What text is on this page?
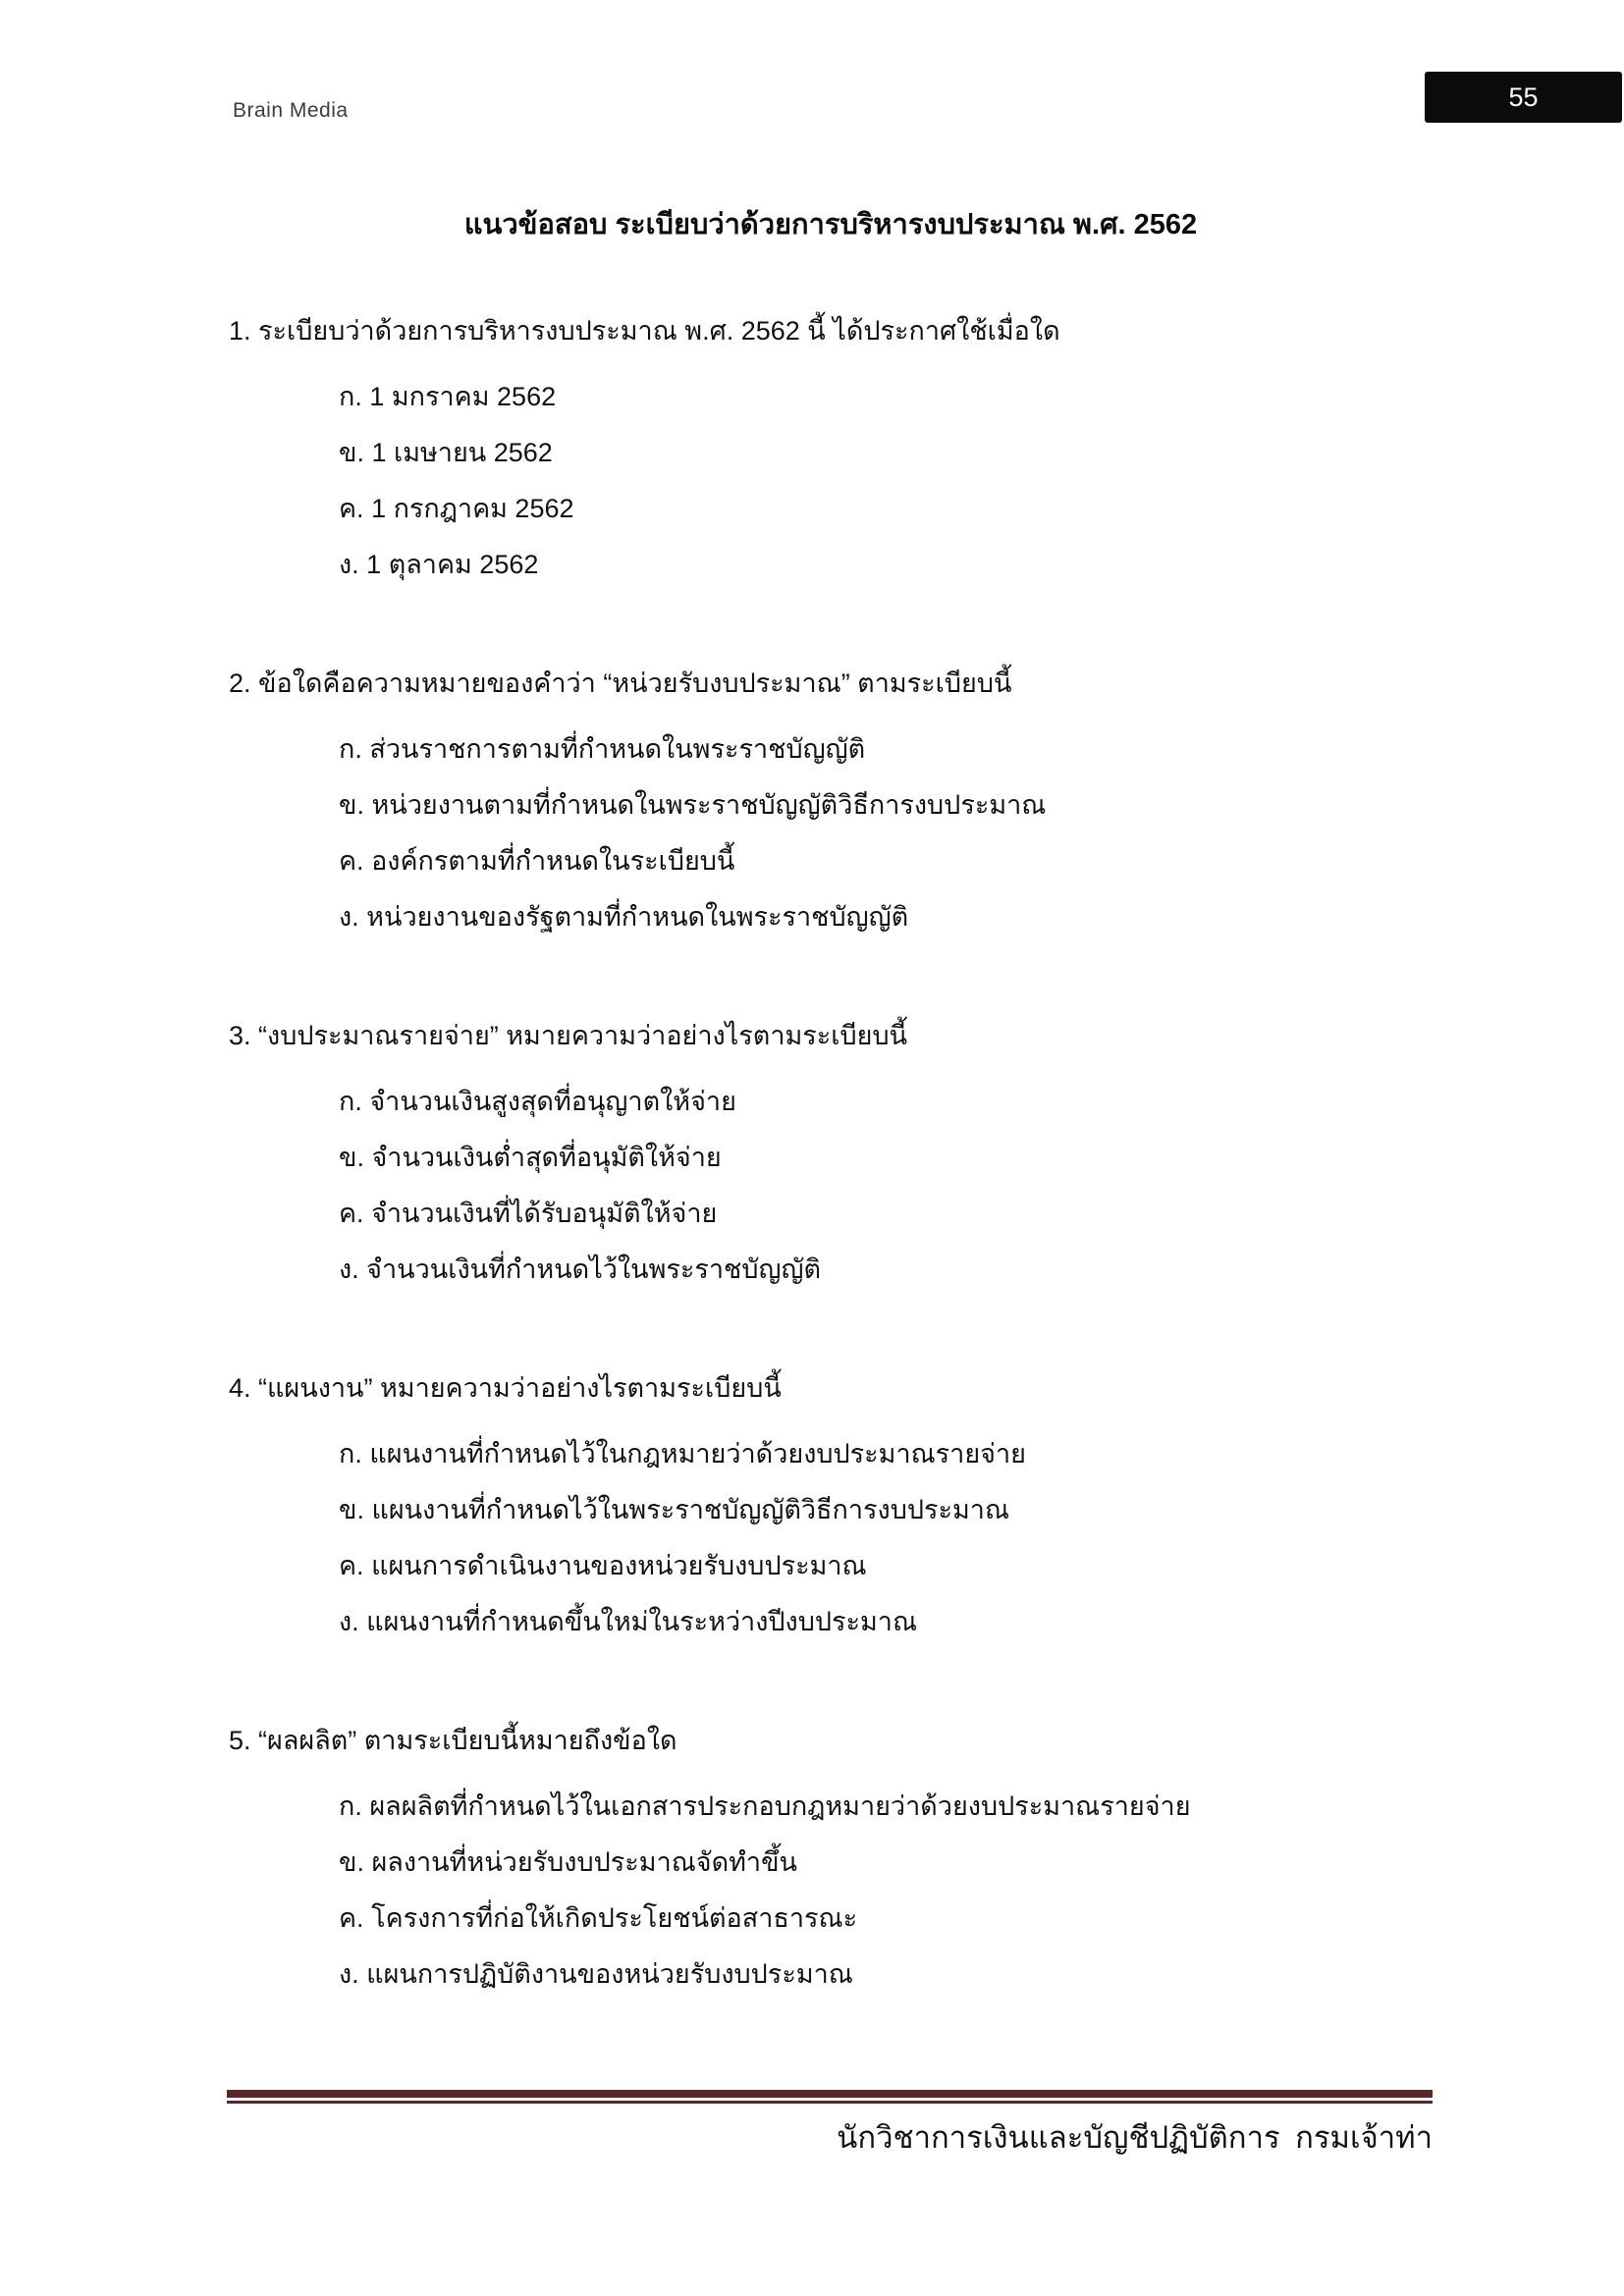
Brain Media	55
แนวข้อสอบ ระเบียบว่าด้วยการบริหารงบประมาณ พ.ศ. 2562

1. ระเบียบว่าด้วยการบริหารงบประมาณ พ.ศ. 2562 นี้ ได้ประกาศใช้เมื่อใด

ก. 1 มกราคม 2562

ข. 1 เมษายน 2562

ค. 1 กรกฎาคม 2562

ง. 1 ตุลาคม 2562

2. ข้อใดคือความหมายของคำว่า “หน่วยรับงบประมาณ” ตามระเบียบนี้

ก. ส่วนราชการตามที่กำหนดในพระราชบัญญัติ

ข. หน่วยงานตามที่กำหนดในพระราชบัญญัติวิธีการงบประมาณ

ค. องค์กรตามที่กำหนดในระเบียบนี้

ง. หน่วยงานของรัฐตามที่กำหนดในพระราชบัญญัติ

3. “งบประมาณรายจ่าย” หมายความว่าอย่างไรตามระเบียบนี้

ก. จำนวนเงินสูงสุดที่อนุญาตให้จ่าย

ข. จำนวนเงินต่ำสุดที่อนุมัติให้จ่าย

ค. จำนวนเงินที่ได้รับอนุมัติให้จ่าย

ง. จำนวนเงินที่กำหนดไว้ในพระราชบัญญัติ

4. “แผนงาน” หมายความว่าอย่างไรตามระเบียบนี้

ก. แผนงานที่กำหนดไว้ในกฎหมายว่าด้วยงบประมาณรายจ่าย

ข. แผนงานที่กำหนดไว้ในพระราชบัญญัติวิธีการงบประมาณ

ค. แผนการดำเนินงานของหน่วยรับงบประมาณ

ง. แผนงานที่กำหนดขึ้นใหม่ในระหว่างปีงบประมาณ

5. “ผลผลิต” ตามระเบียบนี้หมายถึงข้อใด

ก. ผลผลิตที่กำหนดไว้ในเอกสารประกอบกฎหมายว่าด้วยงบประมาณรายจ่าย

ข. ผลงานที่หน่วยรับงบประมาณจัดทำขึ้น

ค. โครงการที่ก่อให้เกิดประโยชน์ต่อสาธารณะ

ง. แผนการปฏิบัติงานของหน่วยรับงบประมาณ

นักวิชาการเงินและบัญชีปฏิบัติการ  กรมเจ้าท่า
